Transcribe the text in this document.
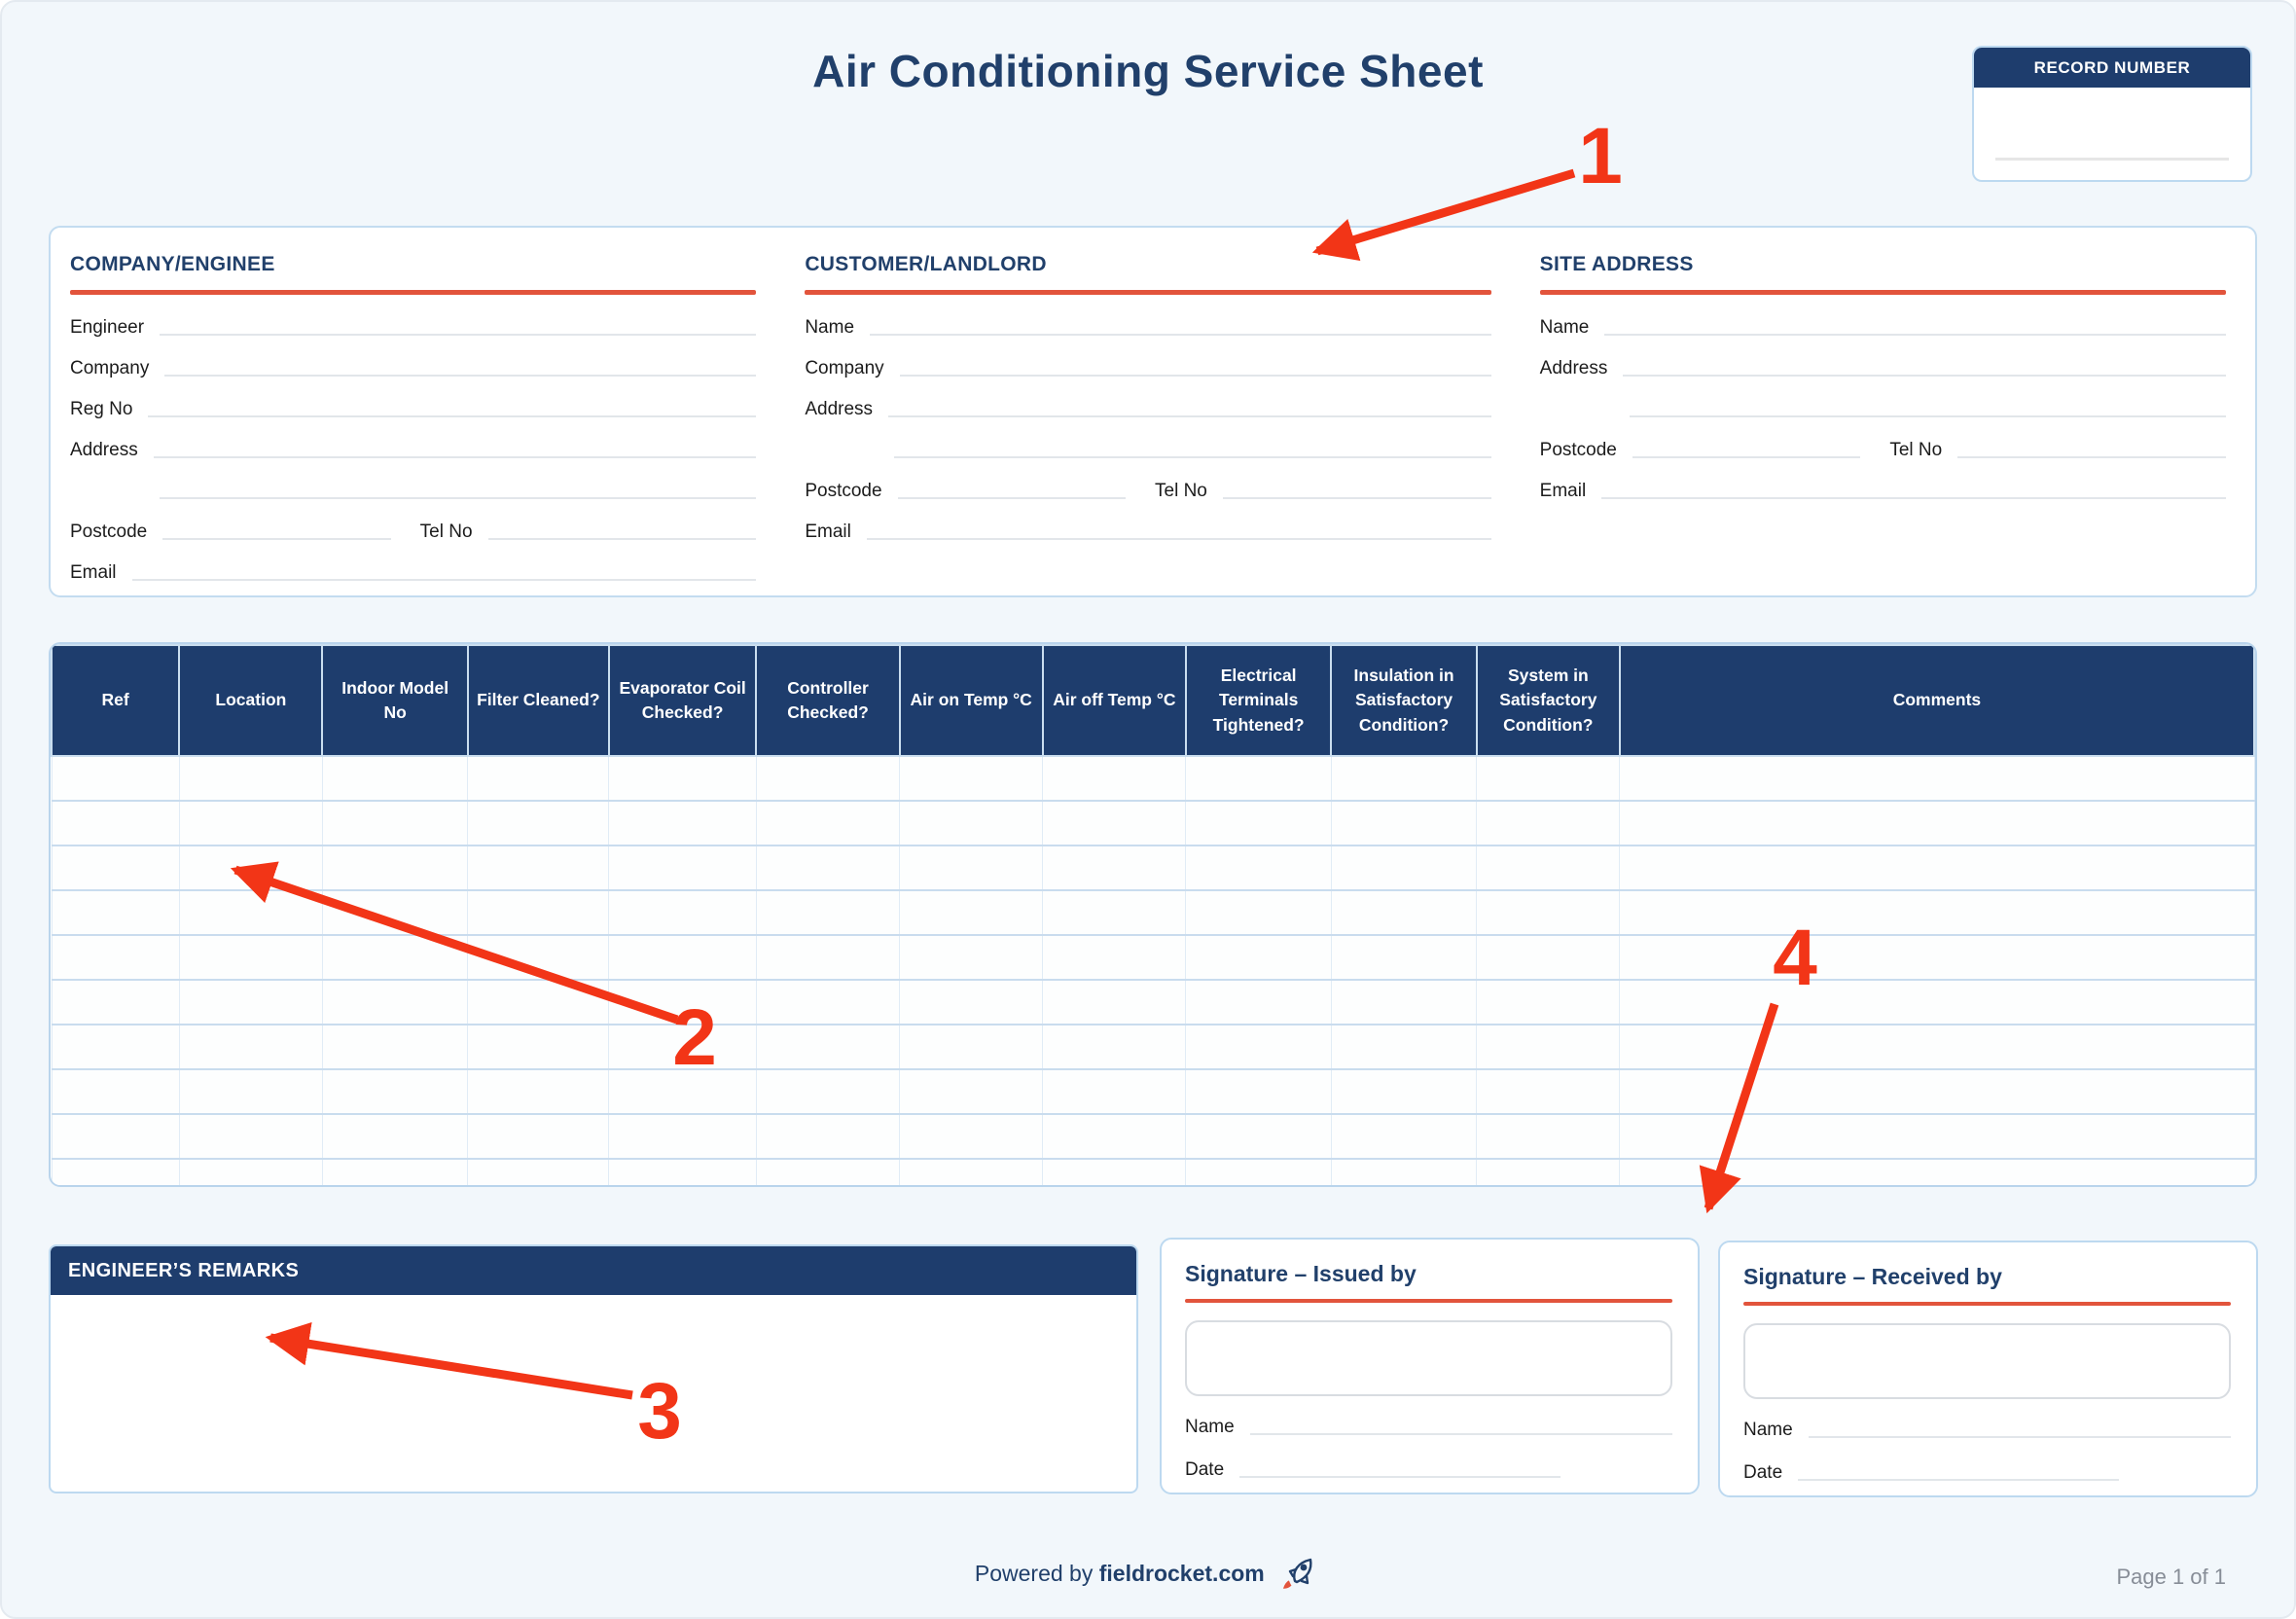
Air Conditioning Service Sheet	RECORD NUMBER
COMPANY/ENGINEE
Engineer
Company
Reg No
Address
Postcode	Tel No
Email
CUSTOMER/LANDLORD
Name
Company
Address
Postcode	Tel No
Email
SITE ADDRESS
Name
Address
Postcode	Tel No
Email
Ref	Location	Indoor Model No	Filter Cleaned?	Evaporator Coil Checked?	Controller Checked?	Air on Temp °C	Air off Temp °C	Electrical Terminals Tightened?	Insulation in Satisfactory Condition?	System in Satisfactory Condition?	Comments

ENGINEER’S REMARKS	Signature – Issued by
Name
Date
Signature – Received by
Name
Date
Powered by fieldrocket.com	Page 1 of 1
1
2
3
4
